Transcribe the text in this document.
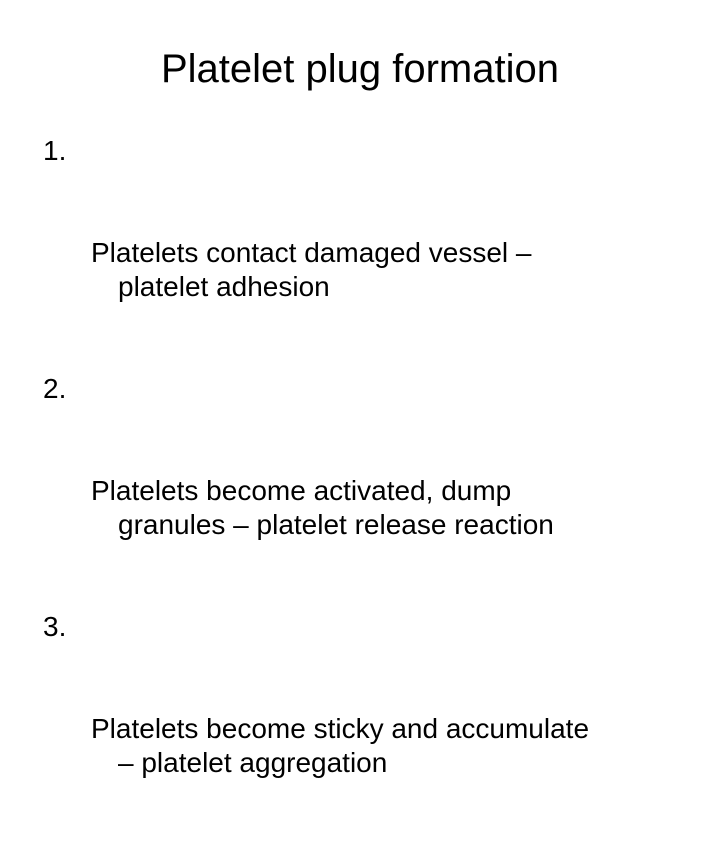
Platelet plug formation

1.

Platelets contact damaged vessel –

platelet adhesion

2.

Platelets become activated, dump

granules – platelet release reaction

3.

Platelets become sticky and accumulate

– platelet aggregation
